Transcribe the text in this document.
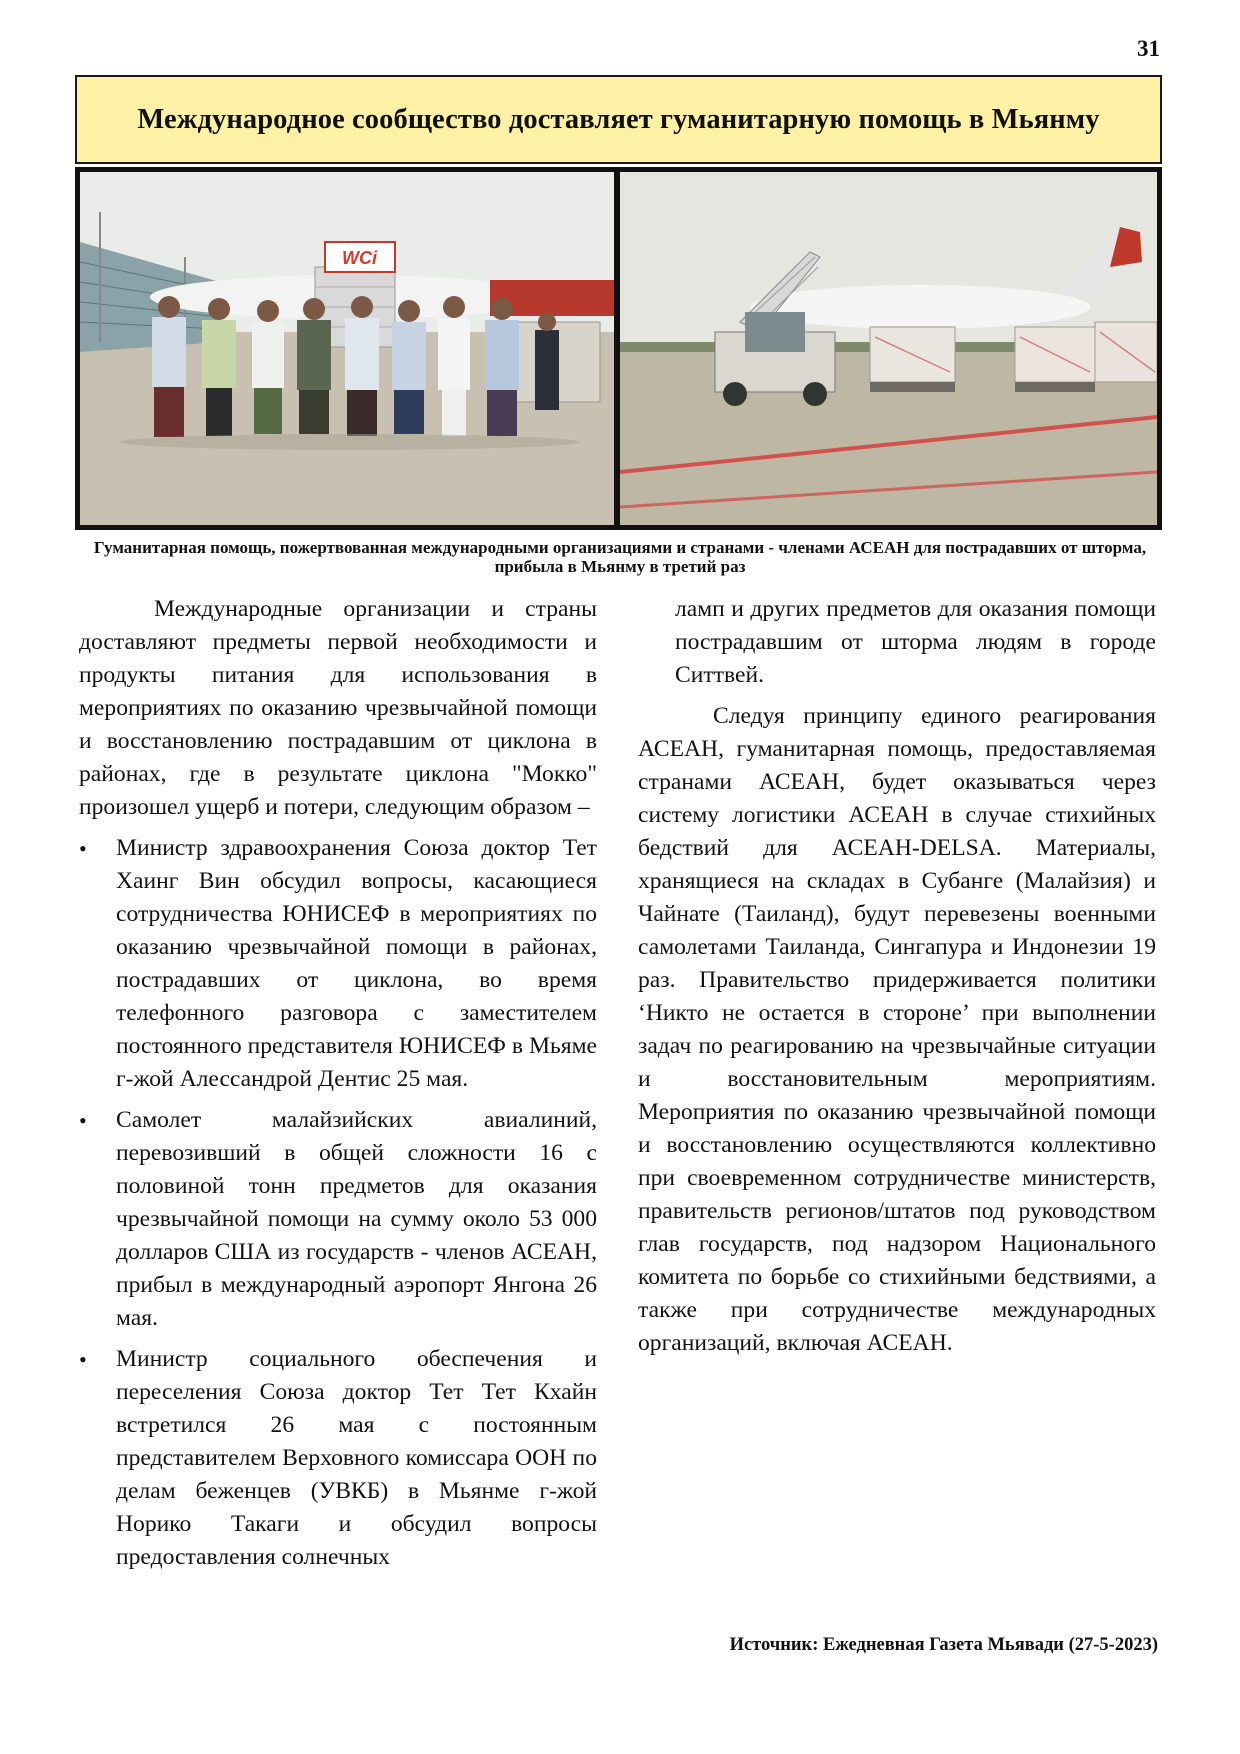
31
Международное сообщество доставляет гуманитарную помощь в Мьянму
WCi
Гуманитарная помощь, пожертвованная международными организациями и странами - членами АСЕАН для пострадавших от шторма, прибыла в Мьянму в третий раз

Международные организации и страны доставляют предметы первой необходимости и продукты питания для использования в мероприятиях по оказанию чрезвычайной помощи и восстановлению пострадавшим от циклона в районах, где в результате циклона "Мокко" произошел ущерб и потери, следующим образом –

•	Министр здравоохранения Союза доктор Тет Хаинг Вин обсудил вопросы, касающиеся сотрудничества ЮНИСЕФ в мероприятиях по оказанию чрезвычайной помощи в районах, пострадавших от циклона, во время телефонного разговора с заместителем постоянного представителя ЮНИСЕФ в Мьяме г-жой Алессандрой Дентис 25 мая.
•	Самолет малайзийских авиалиний, перевозивший в общей сложности 16 с половиной тонн предметов для оказания чрезвычайной помощи на сумму около 53 000 долларов США из государств - членов АСЕАН, прибыл в международный аэропорт Янгона 26 мая.
•	Министр социального обеспечения и переселения Союза доктор Тет Тет Кхайн встретился 26 мая с постоянным представителем Верховного комиссара ООН по делам беженцев (УВКБ) в Мьянме г-жой Норико Такаги и обсудил вопросы предоставления солнечных

ламп и других предметов для оказания помощи пострадавшим от шторма людям в городе Ситтвей.

Следуя принципу единого реагирования АСЕАН, гуманитарная помощь, предоставляемая странами АСЕАН, будет оказываться через систему логистики АСЕАН в случае стихийных бедствий для АСЕАН-DELSA. Материалы, хранящиеся на складах в Субанге (Малайзия) и Чайнате (Таиланд), будут перевезены военными самолетами Таиланда, Сингапура и Индонезии 19 раз. Правительство придерживается политики ‘Никто не остается в стороне’ при выполнении задач по реагированию на чрезвычайные ситуации и восстановительным мероприятиям. Мероприятия по оказанию чрезвычайной помощи и восстановлению осуществляются коллективно при своевременном сотрудничестве министерств, правительств регионов/штатов под руководством глав государств, под надзором Национального комитета по борьбе со стихийными бедствиями, а также при сотрудничестве международных организаций, включая АСЕАН.

Источник: Ежедневная Газета Мьявади (27-5-2023)
